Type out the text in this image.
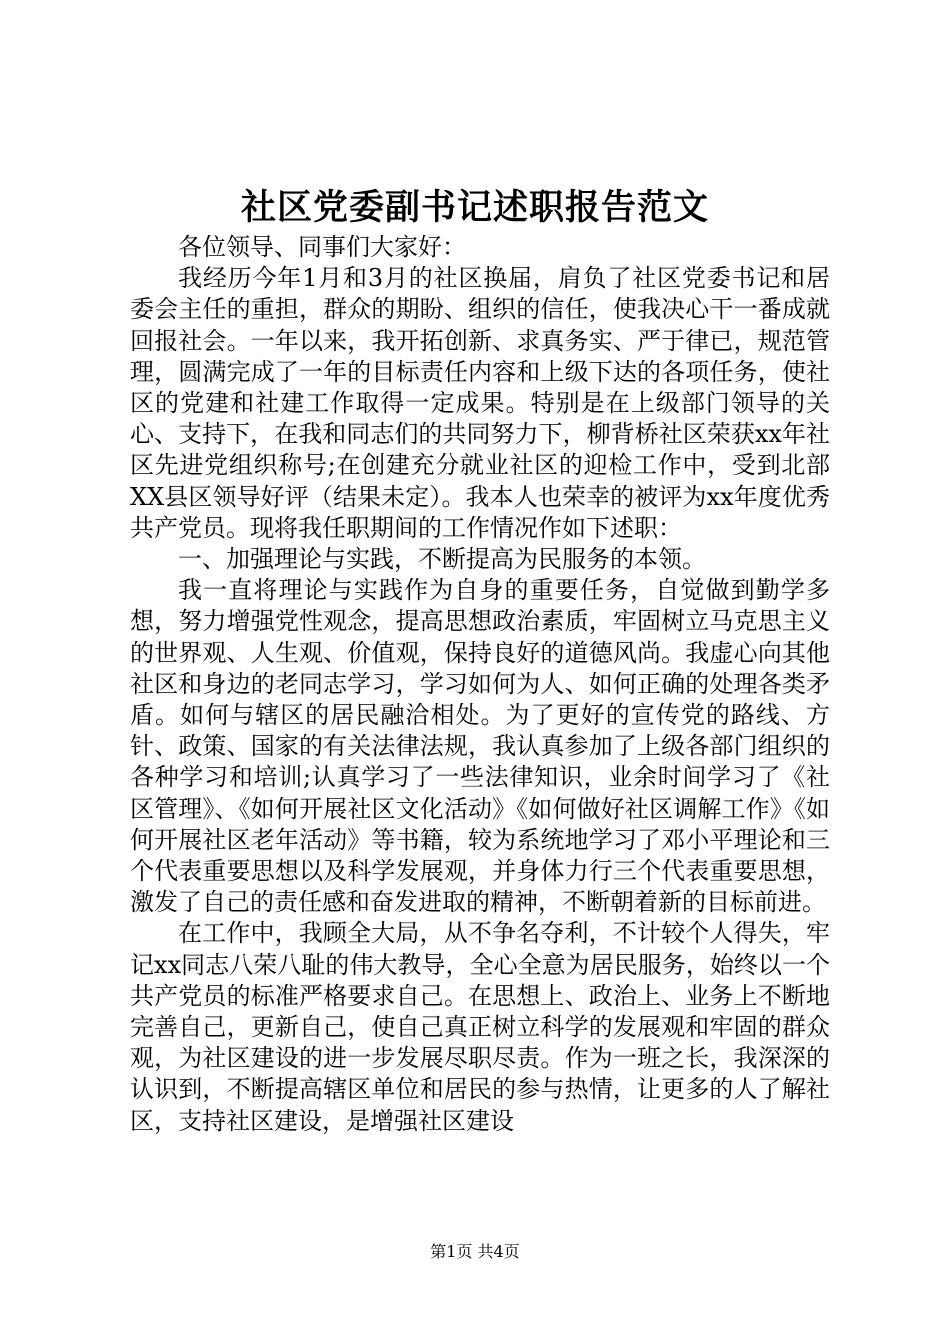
社区党委副书记述职报告范文

各位领导、同事们大家好：

我经历今年1月和3月的社区换届，肩负了社区党委书记和居委会主任的重担，群众的期盼、组织的信任，使我决心干一番成就回报社会。一年以来，我开拓创新、求真务实、严于律已，规范管理，圆满完成了一年的目标责任内容和上级下达的各项任务，使社区的党建和社建工作取得一定成果。特别是在上级部门领导的关心、支持下，在我和同志们的共同努力下，柳背桥社区荣获xx年社区先进党组织称号;在创建充分就业社区的迎检工作中，受到北部XX县区领导好评（结果未定）。我本人也荣幸的被评为xx年度优秀共产党员。现将我任职期间的工作情况作如下述职：

一、加强理论与实践，不断提高为民服务的本领。

我一直将理论与实践作为自身的重要任务，自觉做到勤学多想，努力增强党性观念，提高思想政治素质，牢固树立马克思主义的世界观、人生观、价值观，保持良好的道德风尚。我虚心向其他社区和身边的老同志学习，学习如何为人、如何正确的处理各类矛盾。如何与辖区的居民融洽相处。为了更好的宣传党的路线、方针、政策、国家的有关法律法规，我认真参加了上级各部门组织的各种学习和培训;认真学习了一些法律知识，业余时间学习了《社区管理》、《如何开展社区文化活动》《如何做好社区调解工作》《如何开展社区老年活动》等书籍，较为系统地学习了邓小平理论和三个代表重要思想以及科学发展观，并身体力行三个代表重要思想，激发了自己的责任感和奋发进取的精神，不断朝着新的目标前进。

在工作中，我顾全大局，从不争名夺利，不计较个人得失，牢记xx同志八荣八耻的伟大教导，全心全意为居民服务，始终以一个共产党员的标准严格要求自己。在思想上、政治上、业务上不断地完善自己，更新自己，使自己真正树立科学的发展观和牢固的群众观，为社区建设的进一步发展尽职尽责。作为一班之长，我深深的认识到，不断提高辖区单位和居民的参与热情，让更多的人了解社区，支持社区建设，是增强社区建设

第1页 共4页
